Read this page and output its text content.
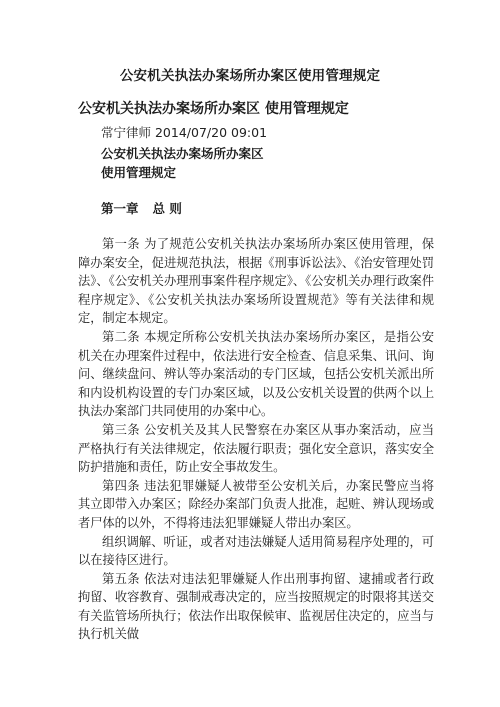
公安机关执法办案场所办案区使用管理规定
公安机关执法办案场所办案区 使用管理规定
常宁律师 2014/07/20 09:01
公安机关执法办案场所办案区
使用管理规定
第一章 总 则

第一条 为了规范公安机关执法办案场所办案区使用管理，保障办案安全，促进规范执法，根据《刑事诉讼法》、《治安管理处罚法》、《公安机关办理刑事案件程序规定》、《公安机关办理行政案件程序规定》、《公安机关执法办案场所设置规范》等有关法律和规定，制定本规定。

第二条 本规定所称公安机关执法办案场所办案区，是指公安机关在办理案件过程中，依法进行安全检查、信息采集、讯问、询问、继续盘问、辨认等办案活动的专门区域，包括公安机关派出所和内设机构设置的专门办案区域，以及公安机关设置的供两个以上执法办案部门共同使用的办案中心。

第三条 公安机关及其人民警察在办案区从事办案活动，应当严格执行有关法律规定，依法履行职责；强化安全意识，落实安全防护措施和责任，防止安全事故发生。

第四条 违法犯罪嫌疑人被带至公安机关后，办案民警应当将其立即带入办案区；除经办案部门负责人批准，起赃、辨认现场或者尸体的以外，不得将违法犯罪嫌疑人带出办案区。

组织调解、听证，或者对违法嫌疑人适用简易程序处理的，可以在接待区进行。

第五条 依法对违法犯罪嫌疑人作出刑事拘留、逮捕或者行政拘留、收容教育、强制戒毒决定的，应当按照规定的时限将其送交有关监管场所执行；依法作出取保候审、监视居住决定的，应当与执行机关做
